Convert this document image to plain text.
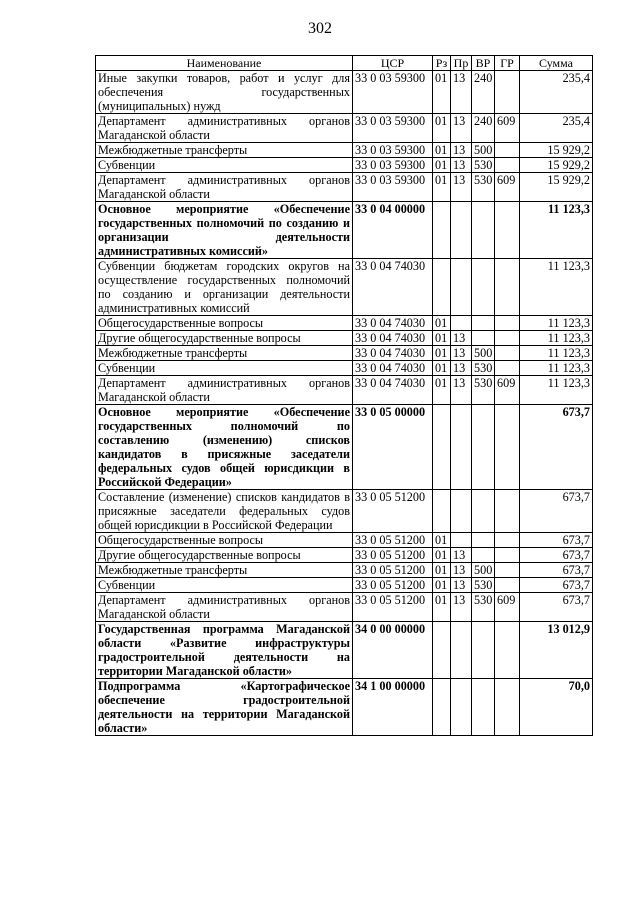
302
Наименование	ЦСР	Рз	Пр	ВР	ГР	Сумма
Иные закупки товаров, работ и услуг для обеспечения государственных (муниципальных) нужд	33 0 03 59300	01	13	240		235,4
Департамент административных органов Магаданской области	33 0 03 59300	01	13	240	609	235,4
Межбюджетные трансферты	33 0 03 59300	01	13	500		15 929,2
Субвенции	33 0 03 59300	01	13	530		15 929,2
Департамент административных органов Магаданской области	33 0 03 59300	01	13	530	609	15 929,2
Основное мероприятие «Обеспечение государственных полномочий по созданию и организации деятельности административных комиссий»	33 0 04 00000					11 123,3
Субвенции бюджетам городских округов на осуществление государственных полномочий по созданию и организации деятельности административных комиссий	33 0 04 74030					11 123,3
Общегосударственные вопросы	33 0 04 74030	01				11 123,3
Другие общегосударственные вопросы	33 0 04 74030	01	13			11 123,3
Межбюджетные трансферты	33 0 04 74030	01	13	500		11 123,3
Субвенции	33 0 04 74030	01	13	530		11 123,3
Департамент административных органов Магаданской области	33 0 04 74030	01	13	530	609	11 123,3
Основное мероприятие «Обеспечение государственных полномочий по составлению (изменению) списков кандидатов в присяжные заседатели федеральных судов общей юрисдикции в Российской Федерации»	33 0 05 00000					673,7
Составление (изменение) списков кандидатов в присяжные заседатели федеральных судов общей юрисдикции в Российской Федерации	33 0 05 51200					673,7
Общегосударственные вопросы	33 0 05 51200	01				673,7
Другие общегосударственные вопросы	33 0 05 51200	01	13			673,7
Межбюджетные трансферты	33 0 05 51200	01	13	500		673,7
Субвенции	33 0 05 51200	01	13	530		673,7
Департамент административных органов Магаданской области	33 0 05 51200	01	13	530	609	673,7
Государственная программа Магаданской области «Развитие инфраструктуры градостроительной деятельности на территории Магаданской области»	34 0 00 00000					13 012,9
Подпрограмма «Картографическое обеспечение градостроительной деятельности на территории Магаданской области»	34 1 00 00000					70,0
